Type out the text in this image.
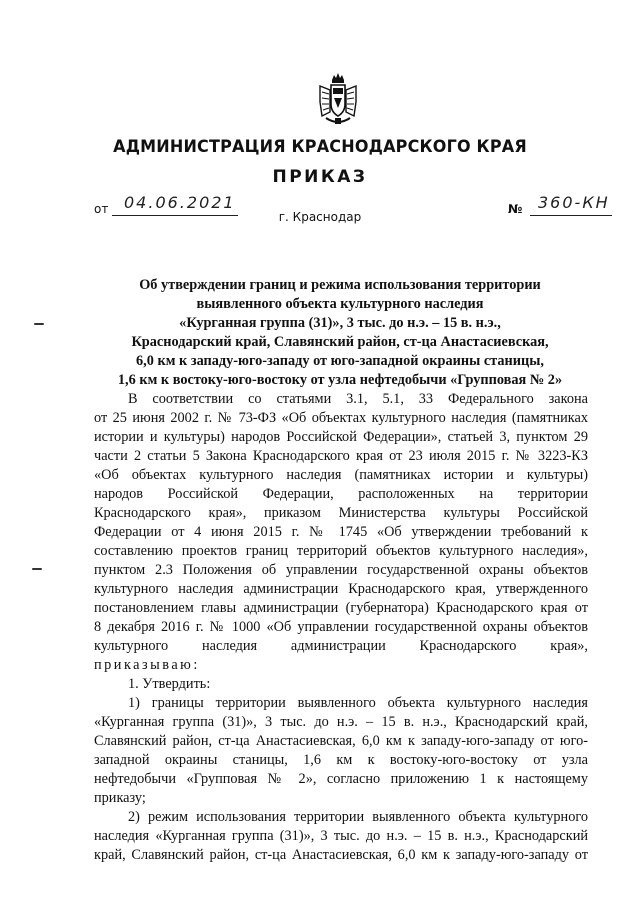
АДМИНИСТРАЦИЯ КРАСНОДАРСКОГО КРАЯ
ПРИКАЗ
от 04.06.2021	№ 360-КН
г. Краснодар
Об утверждении границ и режима использования территории
выявленного объекта культурного наследия
«Курганная группа (31)», 3 тыс. до н.э. – 15 в. н.э.,
Краснодарский край, Славянский район, ст-ца Анастасиевская,
6,0 км к западу-юго-западу от юго-западной окраины станицы,
1,6 км к востоку-юго-востоку от узла нефтедобычи «Групповая № 2»
В соответствии со статьями 3.1, 5.1, 33 Федерального закона
от 25 июня 2002 г. № 73-ФЗ «Об объектах культурного наследия (памятниках
истории и культуры) народов Российской Федерации», статьей 3, пунктом 29
части 2 статьи 5 Закона Краснодарского края от 23 июля 2015 г. № 3223-КЗ
«Об объектах культурного наследия (памятниках истории и культуры)
народов Российской Федерации, расположенных на территории
Краснодарского края», приказом Министерства культуры Российской
Федерации от 4 июня 2015 г. № 1745 «Об утверждении требований к
составлению проектов границ территорий объектов культурного наследия»,
пунктом 2.3 Положения об управлении государственной охраны объектов
культурного наследия администрации Краснодарского края, утвержденного
постановлением главы администрации (губернатора) Краснодарского края от
8 декабря 2016 г. № 1000 «Об управлении государственной охраны объектов
культурного наследия администрации Краснодарского края»,
приказываю:
1. Утвердить:
1) границы территории выявленного объекта культурного наследия
«Курганная группа (31)», 3 тыс. до н.э. – 15 в. н.э., Краснодарский край,
Славянский район, ст-ца Анастасиевская, 6,0 км к западу-юго-западу от юго-
западной окраины станицы, 1,6 км к востоку-юго-востоку от узла
нефтедобычи «Групповая № 2», согласно приложению 1 к настоящему
приказу;
2) режим использования территории выявленного объекта культурного
наследия «Курганная группа (31)», 3 тыс. до н.э. – 15 в. н.э., Краснодарский
край, Славянский район, ст-ца Анастасиевская, 6,0 км к западу-юго-западу от
